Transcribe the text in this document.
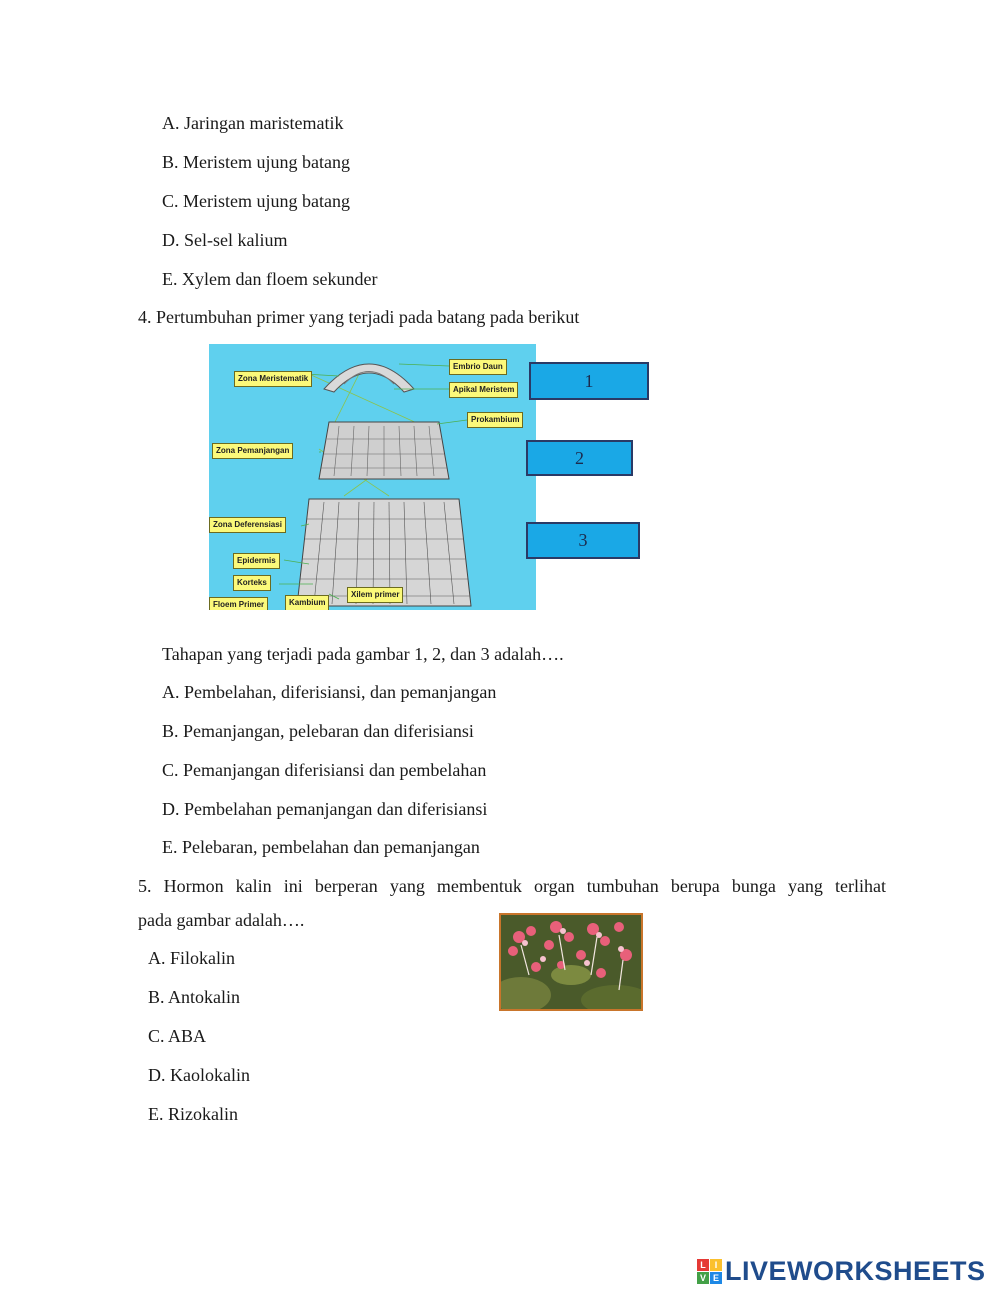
A. Jaringan maristematik
B. Meristem ujung batang
C. Meristem ujung batang
D. Sel-sel kalium
E. Xylem dan floem sekunder
4. Pertumbuhan primer yang terjadi pada batang pada berikut
Zona Meristematik
Embrio Daun
Apikal Meristem
Prokambium
Zona Pemanjangan
Zona Deferensiasi
Epidermis
Korteks
Floem Primer	Kambium
Xilem primer
1
2
3
Tahapan yang terjadi pada gambar 1, 2, dan 3 adalah….
A. Pembelahan, diferisiansi, dan pemanjangan
B. Pemanjangan, pelebaran dan diferisiansi
C. Pemanjangan diferisiansi dan pembelahan
D. Pembelahan pemanjangan dan diferisiansi
E. Pelebaran, pembelahan dan pemanjangan
5. Hormon kalin ini berperan yang membentuk organ tumbuhan berupa bunga yang terlihat
pada gambar adalah….
A. Filokalin
B. Antokalin
C. ABA
D. Kaolokalin
E. Rizokalin
L I
V E LIVEWORKSHEETS
